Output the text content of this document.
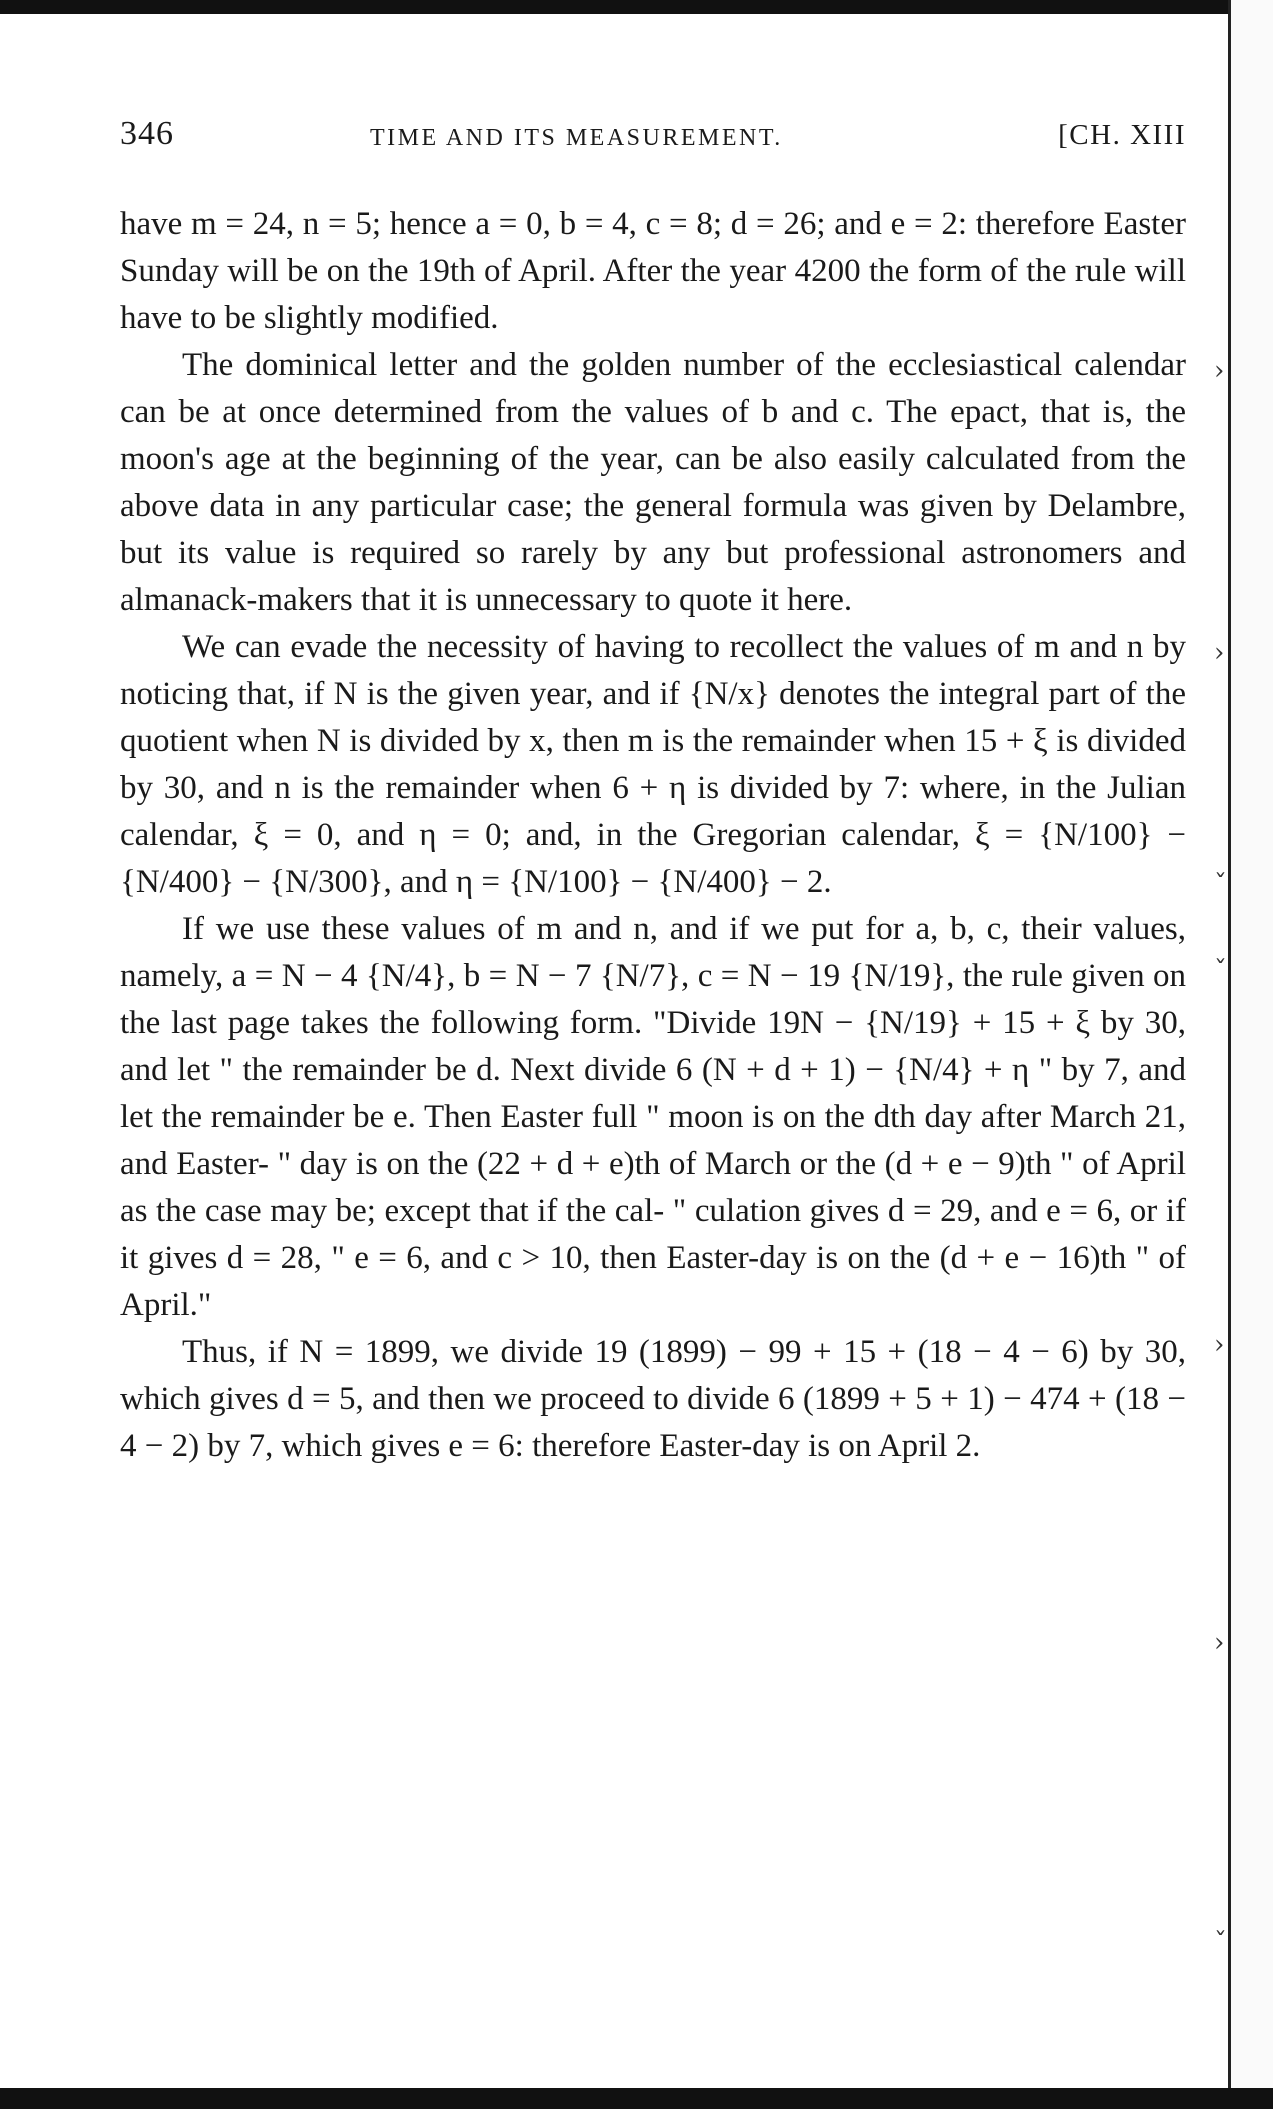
›
›
ˇ
ˇ
›
›
ˇ
346	TIME AND ITS MEASUREMENT.	[CH. XIII

have m = 24, n = 5; hence a = 0, b = 4, c = 8; d = 26; and e = 2: therefore Easter Sunday will be on the 19th of April. After the year 4200 the form of the rule will have to be slightly modified.

The dominical letter and the golden number of the ecclesiastical calendar can be at once determined from the values of b and c. The epact, that is, the moon's age at the beginning of the year, can be also easily calculated from the above data in any particular case; the general formula was given by Delambre, but its value is required so rarely by any but professional astronomers and almanack-makers that it is unnecessary to quote it here.

We can evade the necessity of having to recollect the values of m and n by noticing that, if N is the given year, and if {N/x} denotes the integral part of the quotient when N is divided by x, then m is the remainder when 15 + ξ is divided by 30, and n is the remainder when 6 + η is divided by 7: where, in the Julian calendar, ξ = 0, and η = 0; and, in the Gregorian calendar, ξ = {N/100} − {N/400} − {N/300}, and η = {N/100} − {N/400} − 2.

If we use these values of m and n, and if we put for a, b, c, their values, namely, a = N − 4 {N/4}, b = N − 7 {N/7}, c = N − 19 {N/19}, the rule given on the last page takes the following form. "Divide 19N − {N/19} + 15 + ξ by 30, and let " the remainder be d. Next divide 6 (N + d + 1) − {N/4} + η " by 7, and let the remainder be e. Then Easter full " moon is on the dth day after March 21, and Easter- " day is on the (22 + d + e)th of March or the (d + e − 9)th " of April as the case may be; except that if the cal- " culation gives d = 29, and e = 6, or if it gives d = 28, " e = 6, and c > 10, then Easter-day is on the (d + e − 16)th " of April."

Thus, if N = 1899, we divide 19 (1899) − 99 + 15 + (18 − 4 − 6) by 30, which gives d = 5, and then we proceed to divide 6 (1899 + 5 + 1) − 474 + (18 − 4 − 2) by 7, which gives e = 6: therefore Easter-day is on April 2.
